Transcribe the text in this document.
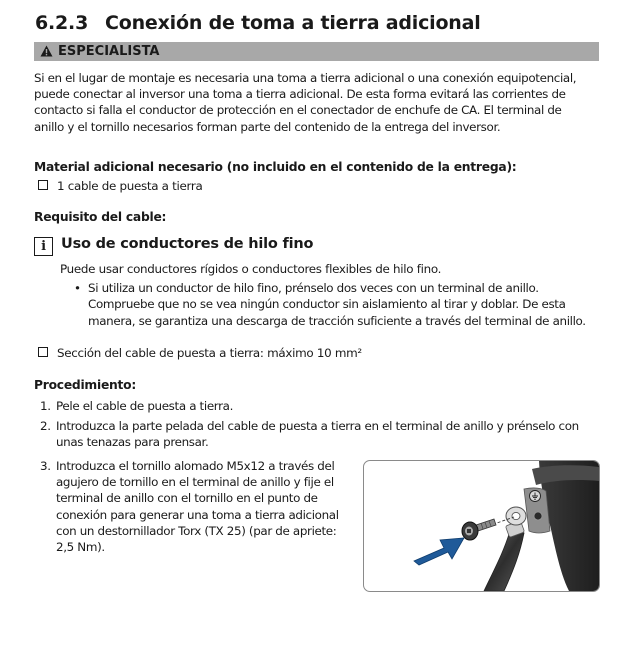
6.2.3 Conexión de toma a tierra adicional
ESPECIALISTA
Si en el lugar de montaje es necesaria una toma a tierra adicional o una conexión equipotencial,
puede conectar al inversor una toma a tierra adicional. De esta forma evitará las corrientes de
contacto si falla el conductor de protección en el conectador de enchufe de CA. El terminal de
anillo y el tornillo necesarios forman parte del contenido de la entrega del inversor.
Material adicional necesario (no incluido en el contenido de la entrega):
1 cable de puesta a tierra
Requisito del cable:
i Uso de conductores de hilo fino
Puede usar conductores rígidos o conductores flexibles de hilo fino.
• Si utiliza un conductor de hilo fino, prénselo dos veces con un terminal de anillo.
Compruebe que no se vea ningún conductor sin aislamiento al tirar y doblar. De esta
manera, se garantiza una descarga de tracción suficiente a través del terminal de anillo.
Sección del cable de puesta a tierra: máximo 10 mm²
Procedimiento:
1. Pele el cable de puesta a tierra.
2. Introduzca la parte pelada del cable de puesta a tierra en el terminal de anillo y prénselo con
unas tenazas para prensar.
3. Introduzca el tornillo alomado M5x12 a través del
agujero de tornillo en el terminal de anillo y fije el
terminal de anillo con el tornillo en el punto de
conexión para generar una toma a tierra adicional
con un destornillador Torx (TX 25) (par de apriete:
2,5 Nm).
